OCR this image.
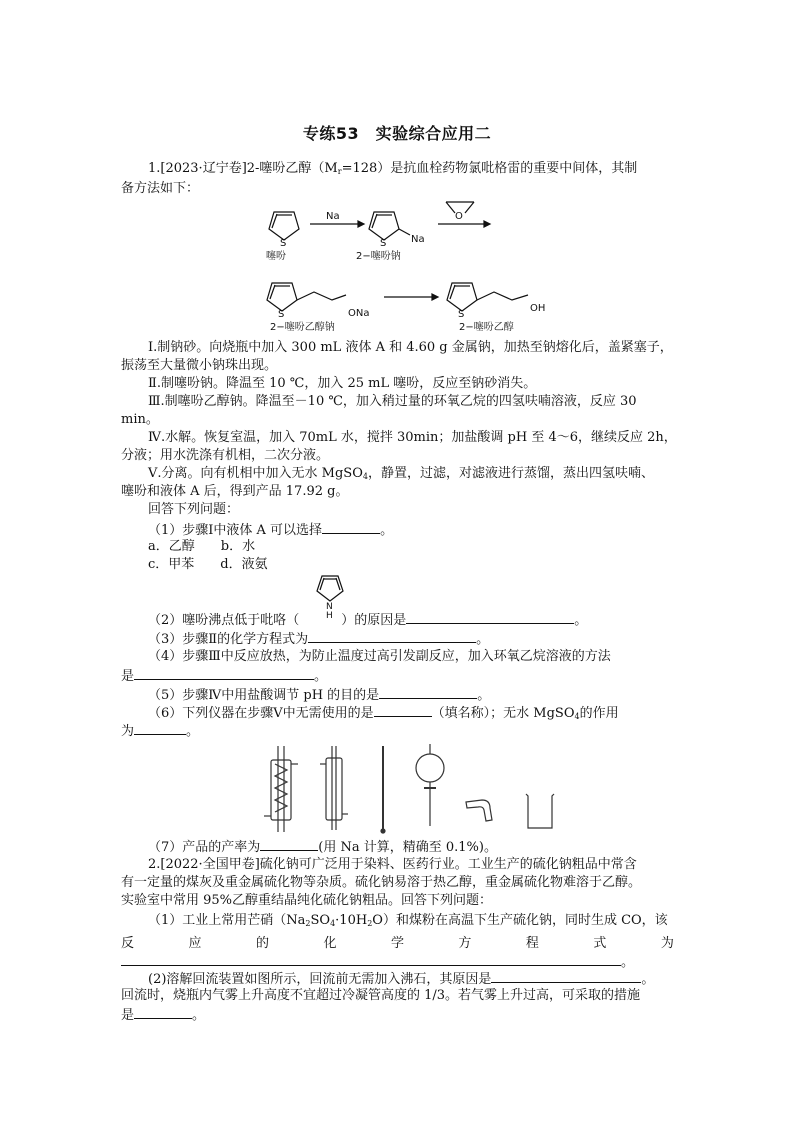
专练53　实验综合应用二
1.[2023·辽宁卷]2-噻吩乙醇$(M_r=128)$是抗血栓药物氯吡格雷的重要中间体，其制
备方法如下：
S
Na
S Na
O
S	ONa	S
OH
噻吩	2−噻吩钠
2−噻吩乙醇钠	2−噻吩乙醇
Ⅰ.制钠砂。向烧瓶中加入 300 mL 液体 A 和 4.60 g 金属钠，加热至钠熔化后，盖紧塞子，
振荡至大量微小钠珠出现。
Ⅱ.制噻吩钠。降温至 10 ℃，加入 25 mL 噻吩，反应至钠砂消失。
Ⅲ.制噻吩乙醇钠。降温至－10 ℃，加入稍过量的环氧乙烷的四氢呋喃溶液，反应 30
min。
Ⅳ.水解。恢复室温，加入 70mL 水，搅拌 30min；加盐酸调 pH 至 4～6，继续反应 2h，
分液；用水洗涤有机相，二次分液。
Ⅴ.分离。向有机相中加入无水 MgSO$_4$，静置，过滤，对滤液进行蒸馏，蒸出四氢呋喃、
噻吩和液体 A 后，得到产品 17.92 g。
回答下列问题：
（1）步骤Ⅰ中液体 A 可以选择	。
a．乙醇 b．水
c．甲苯 d．液氨
N
H
（2）噻吩沸点低于吡咯（	）的原因是	。
（3）步骤Ⅱ的化学方程式为	。
（4）步骤Ⅲ中反应放热，为防止温度过高引发副反应，加入环氧乙烷溶液的方法
是	。
（5）步骤Ⅳ中用盐酸调节 pH 的目的是	。
（6）下列仪器在步骤Ⅴ中无需使用的是	（填名称）；无水 MgSO$_4$的作用
为	。
（7）产品的产率为	(用 Na 计算，精确至 0.1%)。
2.[2022·全国甲卷]硫化钠可广泛用于染料、医药行业。工业生产的硫化钠粗品中常含
有一定量的煤灰及重金属硫化物等杂质。硫化钠易溶于热乙醇，重金属硫化物难溶于乙醇。
实验室中常用 95%乙醇重结晶纯化硫化钠粗品。回答下列问题：
（1）工业上常用芒硝$(Na_2SO_4\cdot 10H_2O)$和煤粉在高温下生产硫化钠，同时生成 CO，该
反	应	的	化	学	方	程	式	为
。
(2)溶解回流装置如图所示，回流前无需加入沸石，其原因是	。
回流时，烧瓶内气雾上升高度不宜超过冷凝管高度的 1/3。若气雾上升过高，可采取的措施
是	。
